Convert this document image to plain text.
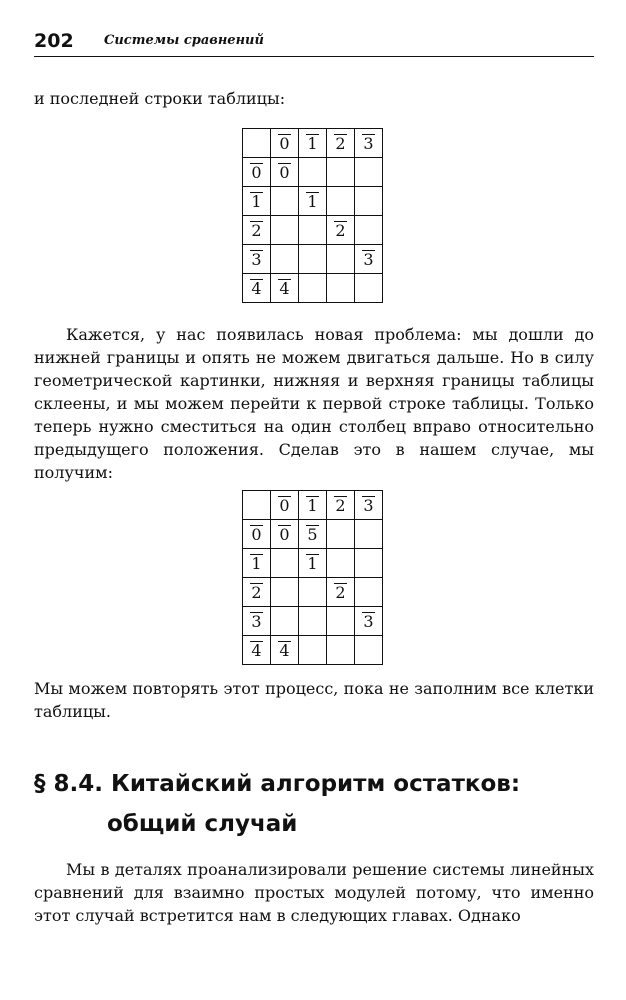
202 Системы сравнений

и последней строки таблицы:

	0	1	2	3
0	0			
1		1		
2			2	
3				3
4	4			

Кажется, у нас появилась новая проблема: мы дошли до нижней границы и опять не можем двигаться дальше. Но в силу геометрической картинки, нижняя и верхняя границы таблицы склеены, и мы можем перейти к первой строке таблицы. Только теперь нужно сместиться на один столбец вправо относительно предыдущего положения. Сделав это в нашем случае, мы получим:

	0	1	2	3
0	0	5		
1		1		
2			2	
3				3
4	4			

Мы можем повторять этот процесс, пока не заполним все клетки таблицы.

§ 8.4. Китайский алгоритм остатков:
общий случай

Мы в деталях проанализировали решение системы линейных сравнений для взаимно простых модулей потому, что именно этот случай встретится нам в следующих главах. Однако
